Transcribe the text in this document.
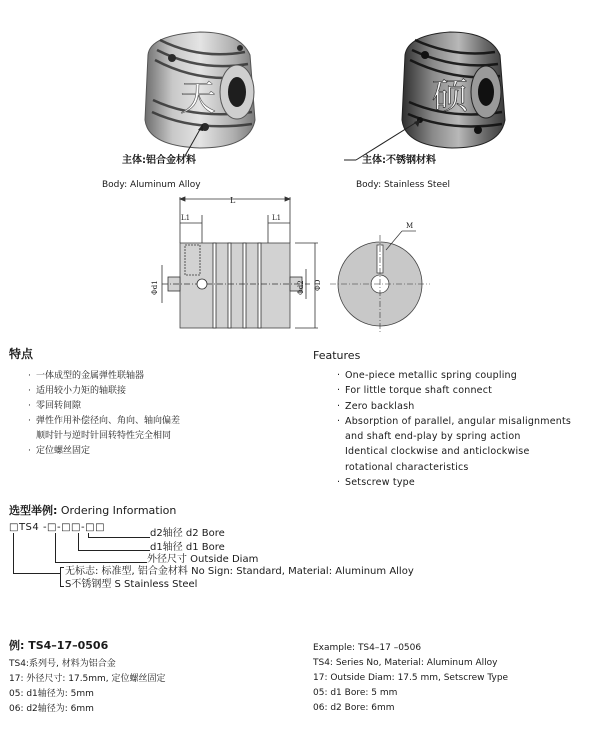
天	硕
主体:铝合金材料
Body: Aluminum Alloy
主体:不锈钢材料
Body: Stainless Steel
L
L1	L1
Φd1	Φd2 ΦD
M
特点
· 一体成型的金属弹性联轴器
· 适用较小力矩的轴联接
· 零回转间隙
· 弹性作用补偿径向、角向、轴向偏差
顺时针与逆时针回转特性完全相同
· 定位螺丝固定
Features
· One-piece metallic spring coupling
· For little torque shaft connect
· Zero backlash
· Absorption of parallel, angular misalignments and shaft end-play by spring action
Identical clockwise and anticlockwise rotational characteristics
· Setscrew type
选型举例: Ordering Information
□TS4 -□-□□-□□
d2轴径 d2 Bore
d1轴径 d1 Bore
外径尺寸 Outside Diam
无标志: 标准型, 铝合金材料 No Sign: Standard, Material: Aluminum Alloy
S不锈钢型 S Stainless Steel
例: TS4–17–0506
TS4:系列号, 材料为铝合金
17: 外径尺寸: 17.5mm, 定位螺丝固定
05: d1轴径为: 5mm
06: d2轴径为: 6mm
Example: TS4–17 –0506
TS4: Series No, Material: Aluminum Alloy
17: Outside Diam: 17.5 mm, Setscrew Type
05: d1 Bore: 5 mm
06: d2 Bore: 6mm
